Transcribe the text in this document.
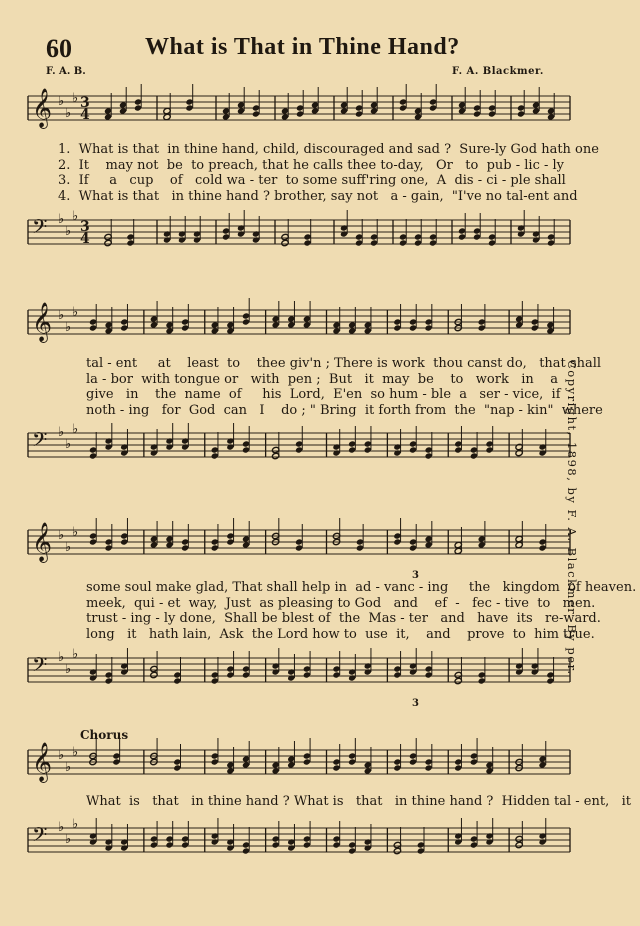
60	What is That in Thine Hand?
F. A. B.	F. A. Blackmer.
𝄞 ♭
♭
♭ 3
4

1.  What is that  in thine hand, child, discouraged and sad ?  Sure-ly God hath one

2.  It    may not  be  to preach, that he calls thee to-day,   Or   to  pub - lic - ly

3.  If     a   cup    of   cold wa - ter  to some suff'ring one,  A  dis - ci - ple shall

4.  What is that   in thine hand ? brother, say not   a - gain,  "I've no tal-ent and

𝄢 ♭
♭
♭
3
4
𝄞 ♭
♭
♭

tal - ent     at    least  to    thee giv'n ; There is work  thou canst do,   that shall

la - bor  with tongue or   with  pen ;  But   it  may  be    to   work   in    a

give   in    the  name  of     his  Lord,  E'en  so hum - ble  a   ser - vice,  if

noth - ing   for  God  can   I    do ; " Bring  it forth from  the  "nap - kin"  where

𝄢 ♭
♭
♭
𝄞 ♭
♭
♭
3

some soul make glad, That shall help in  ad - vanc - ing     the   kingdom  of heaven.

meek,  qui - et  way,  Just  as pleasing to God   and    ef  -   fec - tive  to   men.

trust - ing - ly done,  Shall be blest of  the  Mas - ter   and   have  its   re-ward.

long   it   hath lain,  Ask  the Lord how to  use  it,    and    prove  to  him true.

𝄢 ♭
♭
♭
3
Chorus
𝄞 ♭
♭
♭

What  is   that   in thine hand ? What is   that   in thine hand ?  Hidden tal - ent,   it

𝄢 ♭
♭
♭
Copyright, 1898, by F. A. Blackmer. By per.
